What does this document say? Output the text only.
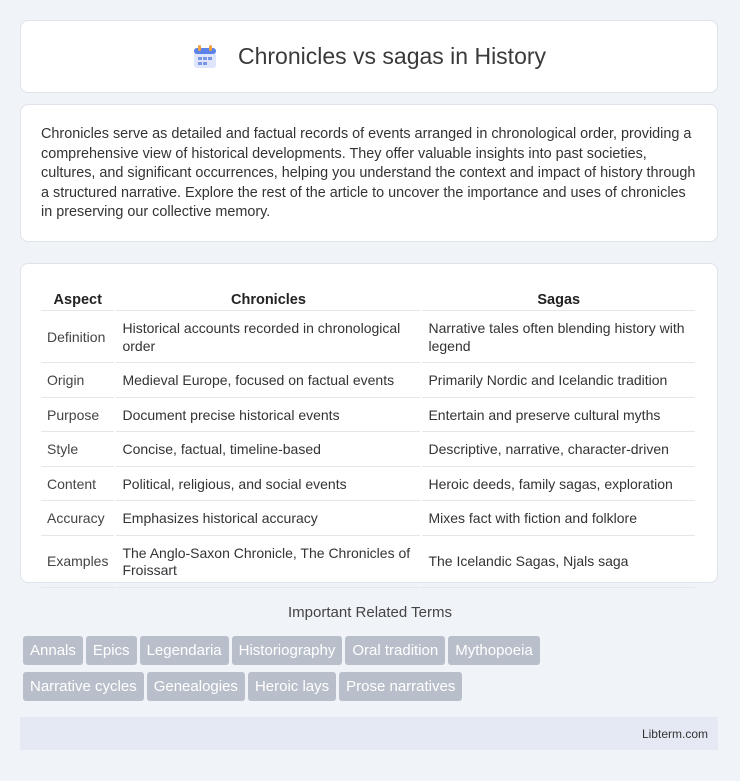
Chronicles vs sagas in History

Chronicles serve as detailed and factual records of events arranged in chronological order, providing a comprehensive view of historical developments. They offer valuable insights into past societies, cultures, and significant occurrences, helping you understand the context and impact of history through a structured narrative. Explore the rest of the article to uncover the importance and uses of chronicles in preserving our collective memory.

Aspect	Chronicles	Sagas
Definition	Historical accounts recorded in chronological order	Narrative tales often blending history with legend
Origin	Medieval Europe, focused on factual events	Primarily Nordic and Icelandic tradition
Purpose	Document precise historical events	Entertain and preserve cultural myths
Style	Concise, factual, timeline-based	Descriptive, narrative, character-driven
Content	Political, religious, and social events	Heroic deeds, family sagas, exploration
Accuracy	Emphasizes historical accuracy	Mixes fact with fiction and folklore
Examples	The Anglo-Saxon Chronicle, The Chronicles of Froissart	The Icelandic Sagas, Njals saga
Important Related Terms
Annals Epics Legendaria Historiography Oral tradition Mythopoeia
Narrative cycles Genealogies Heroic lays Prose narratives
Libterm.com
